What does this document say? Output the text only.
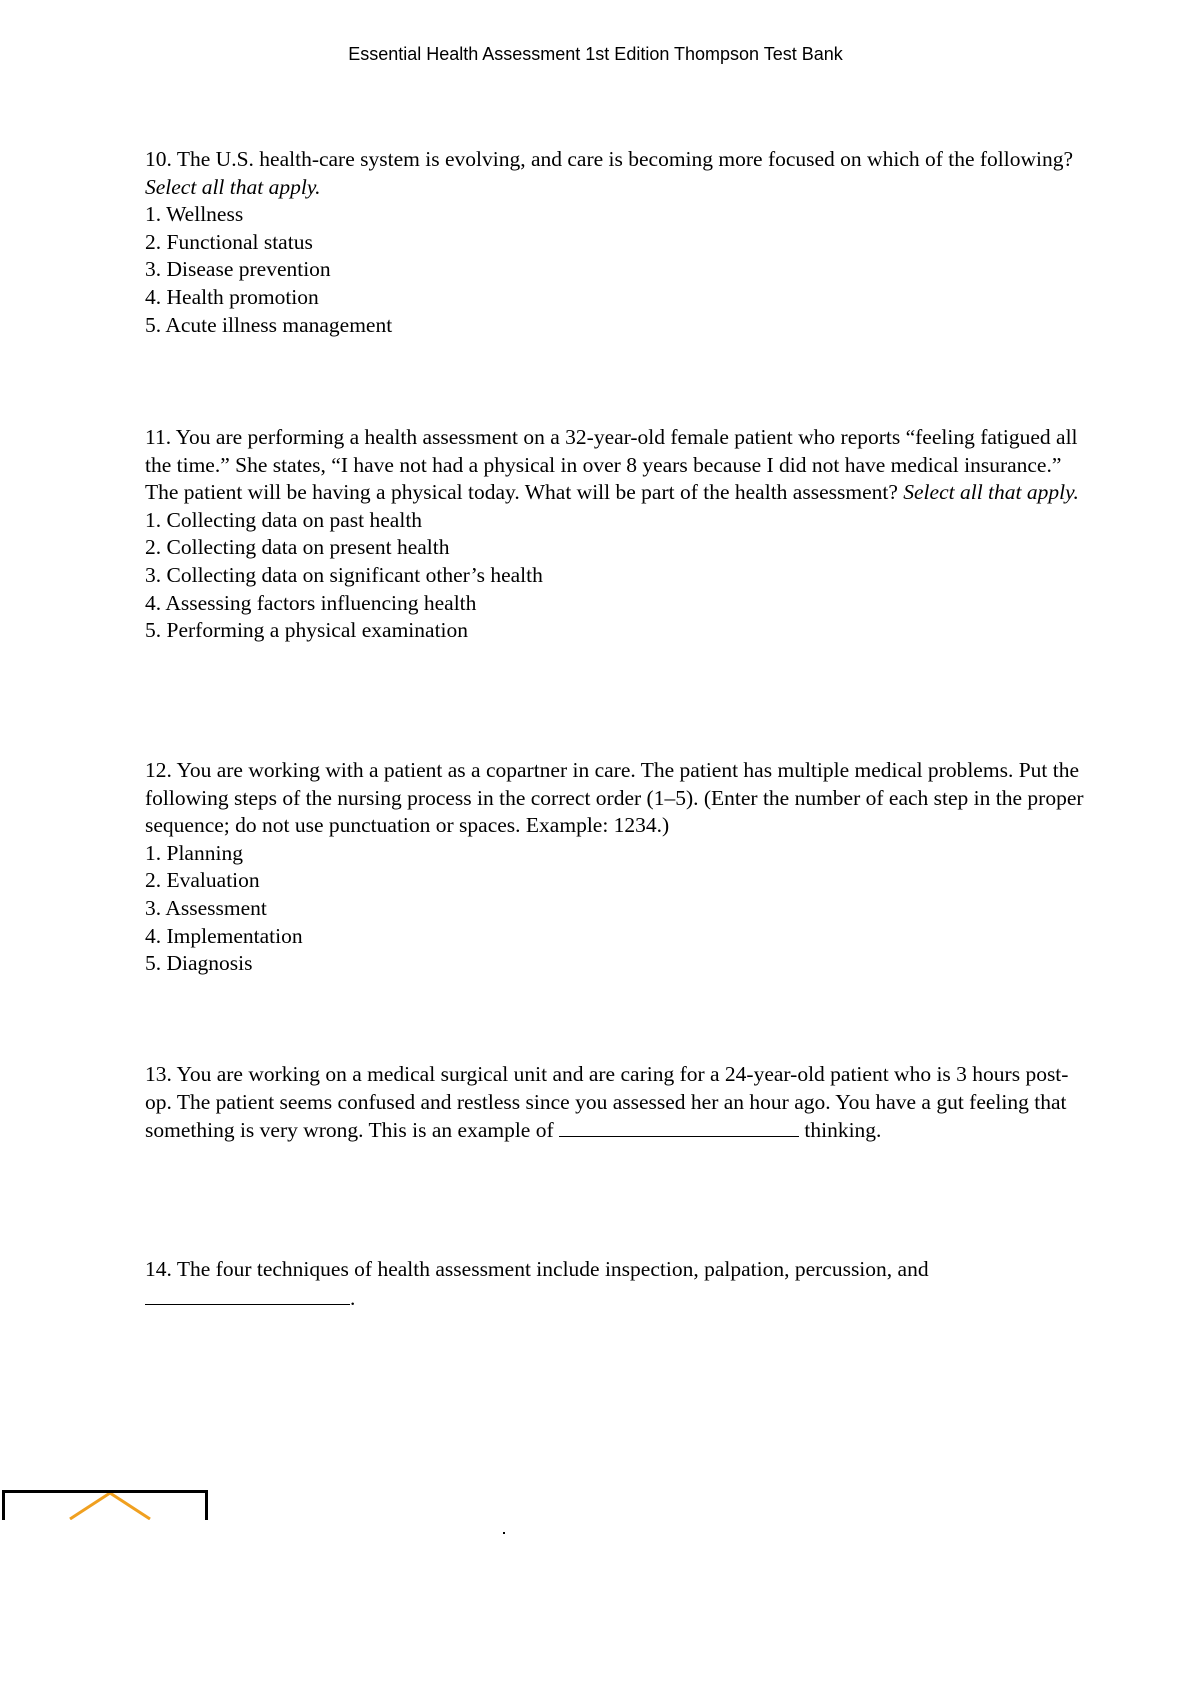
Essential Health Assessment 1st Edition Thompson Test Bank

10. The U.S. health-care system is evolving, and care is becoming more focused on which of the following? Select all that apply.

1. Wellness
2. Functional status
3. Disease prevention
4. Health promotion
5. Acute illness management

11. You are performing a health assessment on a 32-year-old female patient who reports “feeling fatigued all the time.” She states, “I have not had a physical in over 8 years because I did not have medical insurance.” The patient will be having a physical today. What will be part of the health assessment? Select all that apply.

1. Collecting data on past health
2. Collecting data on present health
3. Collecting data on significant other’s health
4. Assessing factors influencing health
5. Performing a physical examination

12. You are working with a patient as a copartner in care. The patient has multiple medical problems. Put the following steps of the nursing process in the correct order (1–5). (Enter the number of each step in the proper sequence; do not use punctuation or spaces. Example: 1234.)

1. Planning
2. Evaluation
3. Assessment
4. Implementation
5. Diagnosis

13. You are working on a medical surgical unit and are caring for a 24-year-old patient who is 3 hours post-op. The patient seems confused and restless since you assessed her an hour ago. You have a gut feeling that something is very wrong. This is an example of	thinking.

14. The four techniques of health assessment include inspection, palpation, percussion, and

.
